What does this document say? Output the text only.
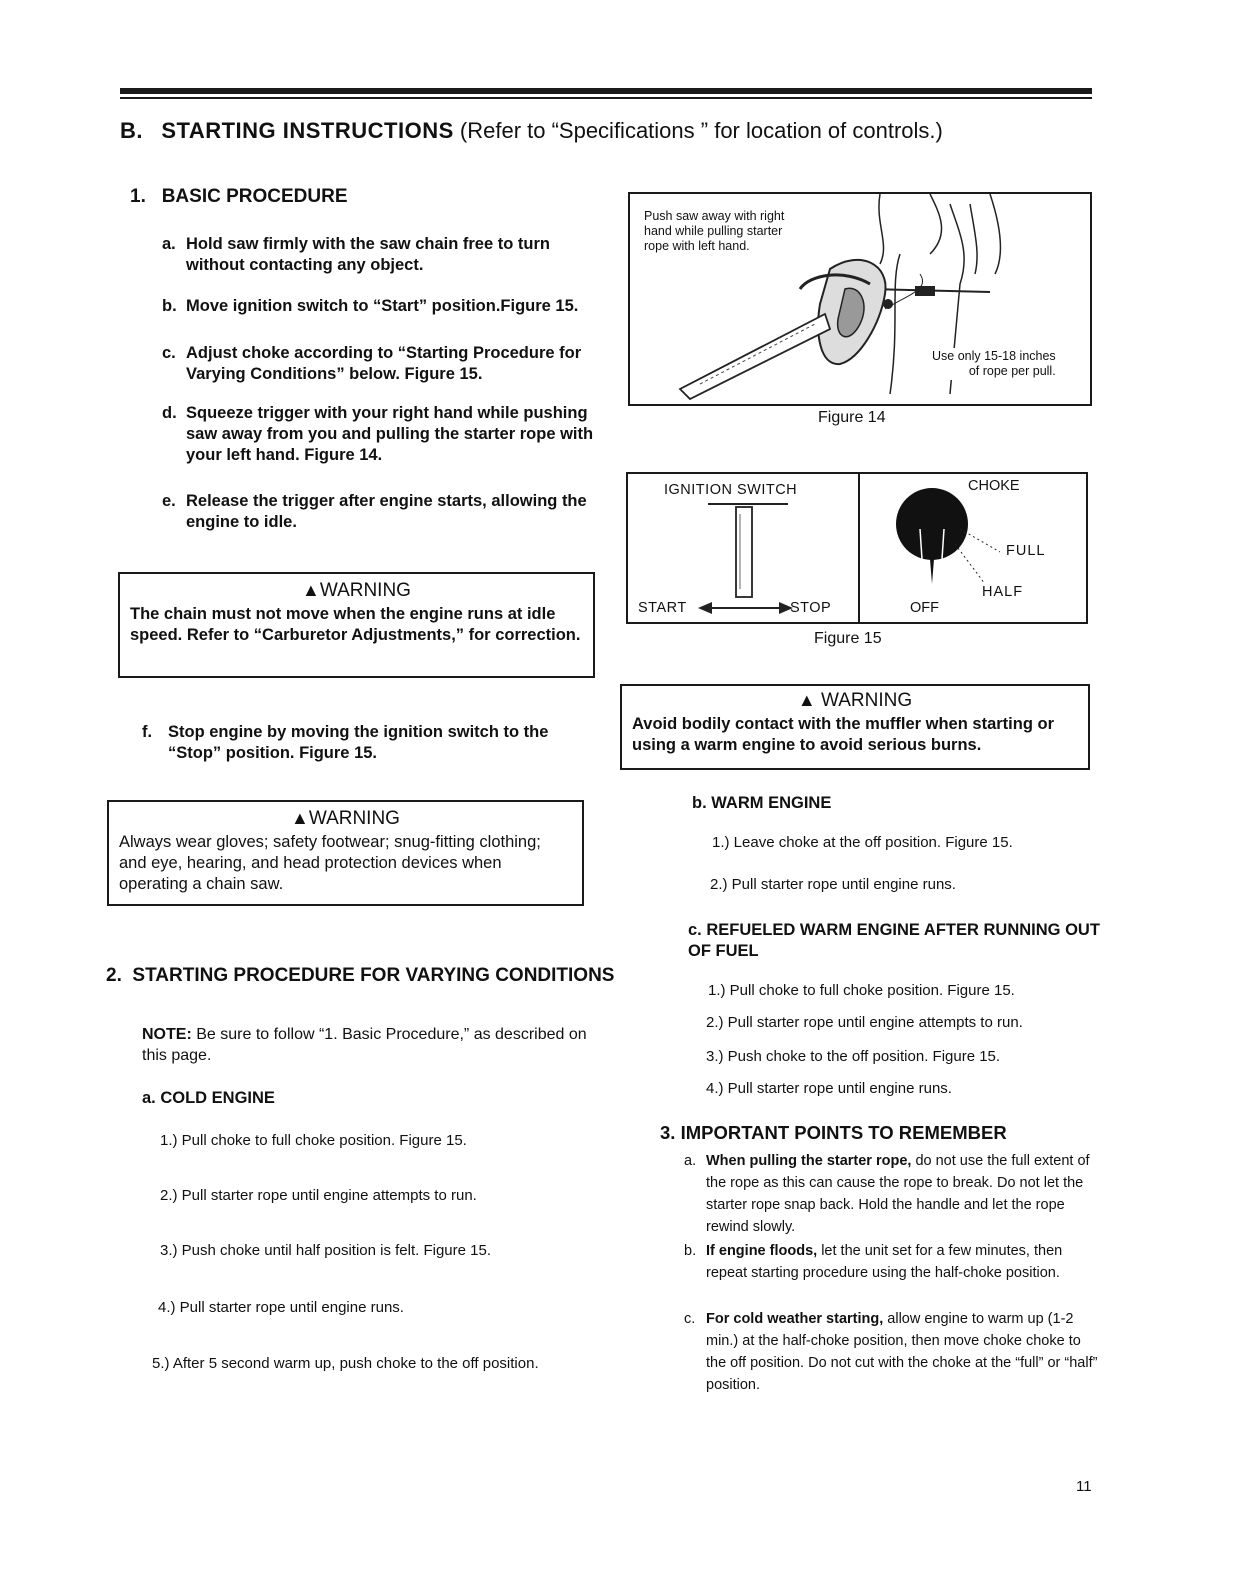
B. STARTING INSTRUCTIONS (Refer to “Specifications ” for location of controls.)
1. BASIC PROCEDURE
a. Hold saw firmly with the saw chain free to turn without contacting any object.
b. Move ignition switch to “Start” position.Figure 15.
c. Adjust choke according to “Starting Procedure for Varying Conditions” below. Figure 15.
d. Squeeze trigger with your right hand while pushing saw away from you and pulling the starter rope with your left hand. Figure 14.
e. Release the trigger after engine starts, allowing the engine to idle.
▲WARNING
The chain must not move when the engine runs at idle speed. Refer to “Carburetor Adjustments,” for correction.
f. Stop engine by moving the ignition switch to the “Stop” position. Figure 15.
▲WARNING
Always wear gloves; safety footwear; snug-fitting clothing; and eye, hearing, and head protection devices when operating a chain saw.
2. STARTING PROCEDURE FOR VARYING CONDITIONS
NOTE: Be sure to follow “1. Basic Procedure,” as described on this page.
a. COLD ENGINE
1.) Pull choke to full choke position. Figure 15.
2.) Pull starter rope until engine attempts to run.
3.) Push choke until half position is felt. Figure 15.
4.) Pull starter rope until engine runs.
5.) After 5 second warm up, push choke to the off position.
Push saw away with right
hand while pulling starter
rope with left hand.
Use only 15-18 inches
of rope per pull.
Figure 14
IGNITION SWITCH
START	STOP
CHOKE
FULL
HALF
OFF
Figure 15
▲ WARNING
Avoid bodily contact with the muffler when starting or using a warm engine to avoid serious burns.
b. WARM ENGINE
1.) Leave choke at the off position. Figure 15.
2.) Pull starter rope until engine runs.
c. REFUELED WARM ENGINE AFTER RUNNING OUT OF FUEL
1.) Pull choke to full choke position. Figure 15.
2.) Pull starter rope until engine attempts to run.
3.) Push choke to the off position. Figure 15.
4.) Pull starter rope until engine runs.
3. IMPORTANT POINTS TO REMEMBER
a. When pulling the starter rope, do not use the full extent of the rope as this can cause the rope to break. Do not let the starter rope snap back. Hold the handle and let the rope rewind slowly.
b. If engine floods, let the unit set for a few minutes, then repeat starting procedure using the half-choke position.
c. For cold weather starting, allow engine to warm up (1-2 min.) at the half-choke position, then move choke choke to the off position. Do not cut with the choke at the “full” or “half” position.
11
